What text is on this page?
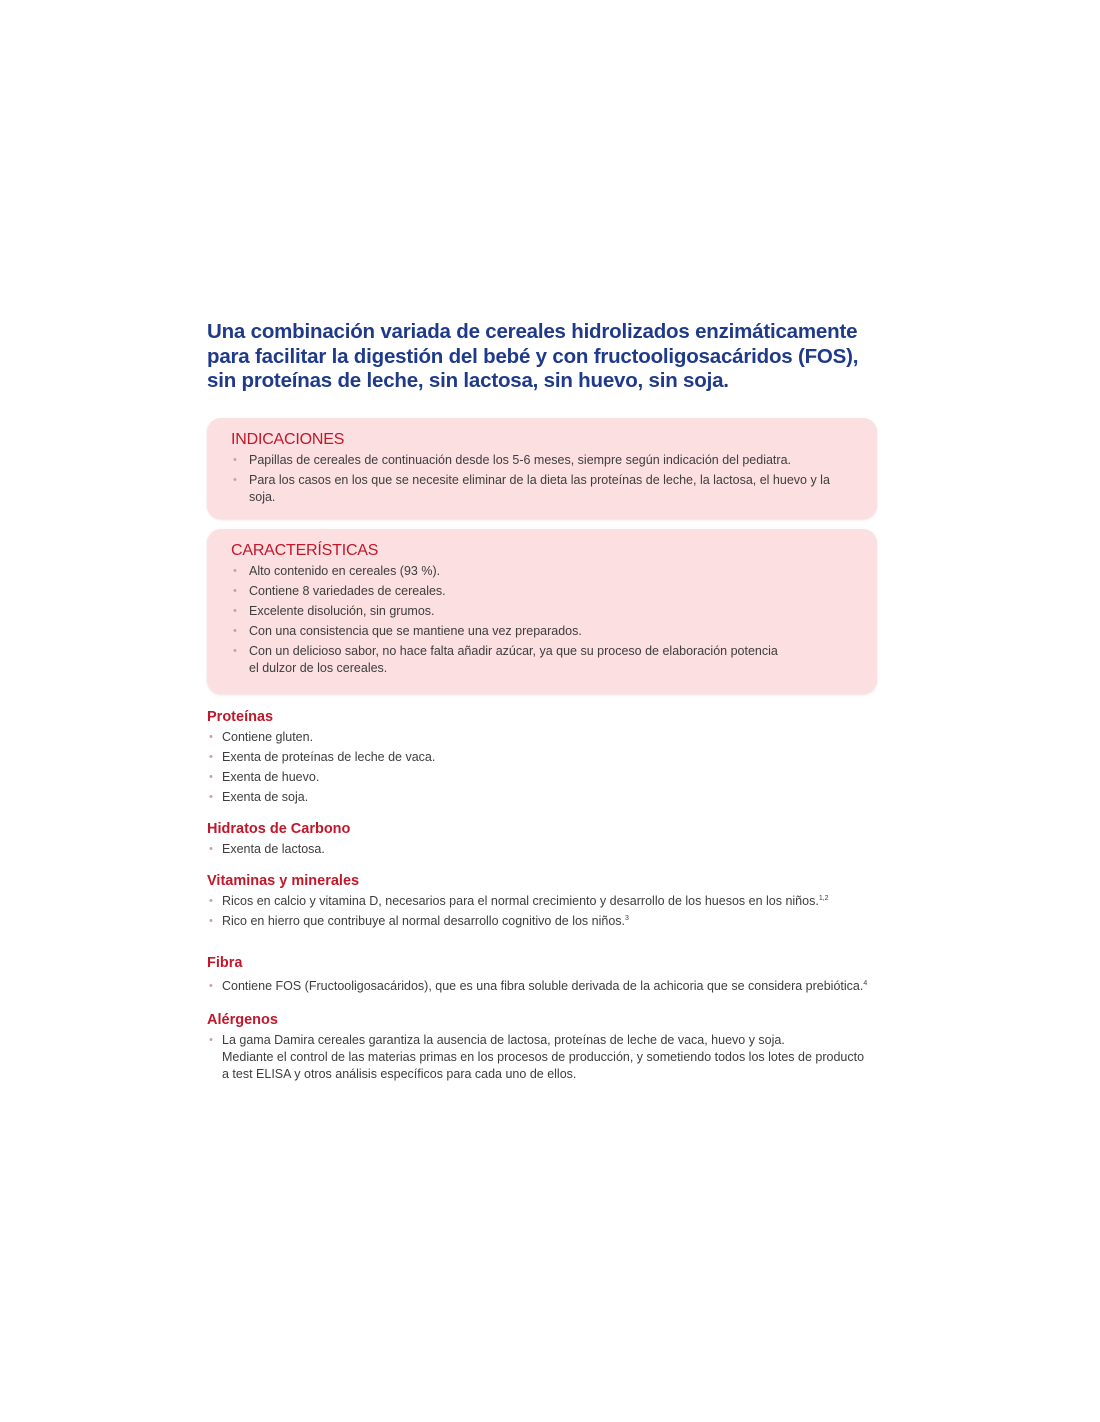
Una combinación variada de cereales hidrolizados enzimáticamente para facilitar la digestión del bebé y con fructooligosacáridos (FOS), sin proteínas de leche, sin lactosa, sin huevo, sin soja.
INDICACIONES
• Papillas de cereales de continuación desde los 5-6 meses, siempre según indicación del pediatra.
• Para los casos en los que se necesite eliminar de la dieta las proteínas de leche, la lactosa, el huevo y la soja.
CARACTERÍSTICAS
• Alto contenido en cereales (93 %).
• Contiene 8 variedades de cereales.
• Excelente disolución, sin grumos.
• Con una consistencia que se mantiene una vez preparados.
• Con un delicioso sabor, no hace falta añadir azúcar, ya que su proceso de elaboración potencia
el dulzor de los cereales.
Proteínas
• Contiene gluten.
• Exenta de proteínas de leche de vaca.
• Exenta de huevo.
• Exenta de soja.
Hidratos de Carbono
• Exenta de lactosa.
Vitaminas y minerales
• Ricos en calcio y vitamina D, necesarios para el normal crecimiento y desarrollo de los huesos en los niños.$^{1,2}$
• Rico en hierro que contribuye al normal desarrollo cognitivo de los niños.$^3$
Fibra
• Contiene FOS (Fructooligosacáridos), que es una fibra soluble derivada de la achicoria que se considera prebiótica.$^4$
Alérgenos
• La gama Damira cereales garantiza la ausencia de lactosa, proteínas de leche de vaca, huevo y soja.
Mediante el control de las materias primas en los procesos de producción, y sometiendo todos los lotes de producto
a test ELISA y otros análisis específicos para cada uno de ellos.
